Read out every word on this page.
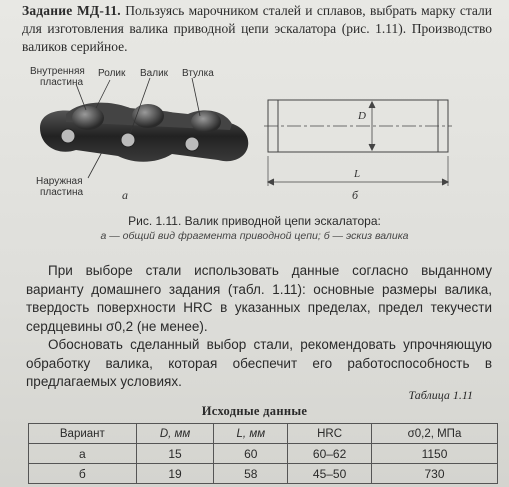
Задание МД-11. Пользуясь марочником сталей и сплавов, выбрать марку стали для изготовления валика приводной цепи эскалатора (рис. 1.11). Производство валиков серийное.
Внутренняя
пластина
Ролик Валик Втулка
Наружная
пластина	а	б
D
L
Рис. 1.11. Валик приводной цепи эскалатора:
а — общий вид фрагмента приводной цепи; б — эскиз валика

При выборе стали использовать данные согласно выданному варианту домашнего задания (табл. 1.11): основные размеры валика, твердость поверхности HRC в указанных пределах, предел текучести сердцевины σ0,2 (не менее).

Обосновать сделанный выбор стали, рекомендовать упрочняющую обработку валика, которая обеспечит его работоспособность в предлагаемых условиях.

Таблица 1.11
Исходные данные
Вариант	D, мм	L, мм	HRC	σ0,2, МПа
а	15	60	60–62	1150
б	19	58	45–50	730
